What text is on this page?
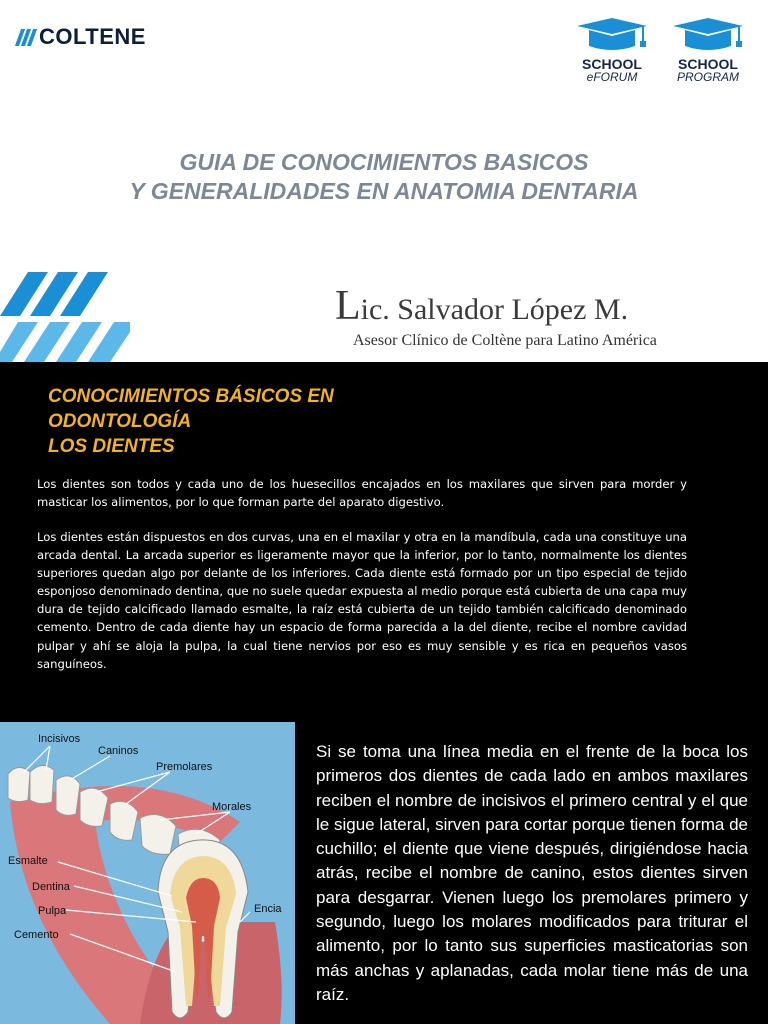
COLTENE
SCHOOL
eFORUM
SCHOOL
PROGRAM
GUIA DE CONOCIMIENTOS BASICOS
Y GENERALIDADES EN ANATOMIA DENTARIA
Lic. Salvador López M.
Asesor Clínico de Coltène para Latino América
CONOCIMIENTOS BÁSICOS EN
ODONTOLOGÍA
LOS DIENTES
Los dientes son todos y cada uno de los huesecillos encajados en los maxilares que sirven para morder y masticar los alimentos, por lo que forman parte del aparato digestivo.
Los dientes están dispuestos en dos curvas, una en el maxilar y otra en la mandíbula, cada una constituye una arcada dental. La arcada superior es ligeramente mayor que la inferior, por lo tanto, normalmente los dientes superiores quedan algo por delante de los inferiores. Cada diente está formado por un tipo especial de tejido esponjoso denominado dentina, que no suele quedar expuesta al medio porque está cubierta de una capa muy dura de tejido calcificado llamado esmalte, la raíz está cubierta de un tejido también calcificado denominado cemento. Dentro de cada diente hay un espacio de forma parecida a la del diente, recibe el nombre cavidad pulpar y ahí se aloja la pulpa, la cual tiene nervios por eso es muy sensible y es rica en pequeños vasos sanguíneos.
Incisivos
Caninos
Premolares
Morales
Esmalte
Dentina
Pulpa
Cemento
Encia
Si se toma una línea media en el frente de la boca los primeros dos dientes de cada lado en ambos maxilares reciben el nombre de incisivos el primero central y el que le sigue lateral, sirven para cortar porque tienen forma de cuchillo; el diente que viene después, dirigiéndose hacia atrás, recibe el nombre de canino, estos dientes sirven para desgarrar. Vienen luego los premolares primero y segundo, luego los molares modificados para triturar el alimento, por lo tanto sus superficies masticatorias son más anchas y aplanadas, cada molar tiene más de una raíz.
